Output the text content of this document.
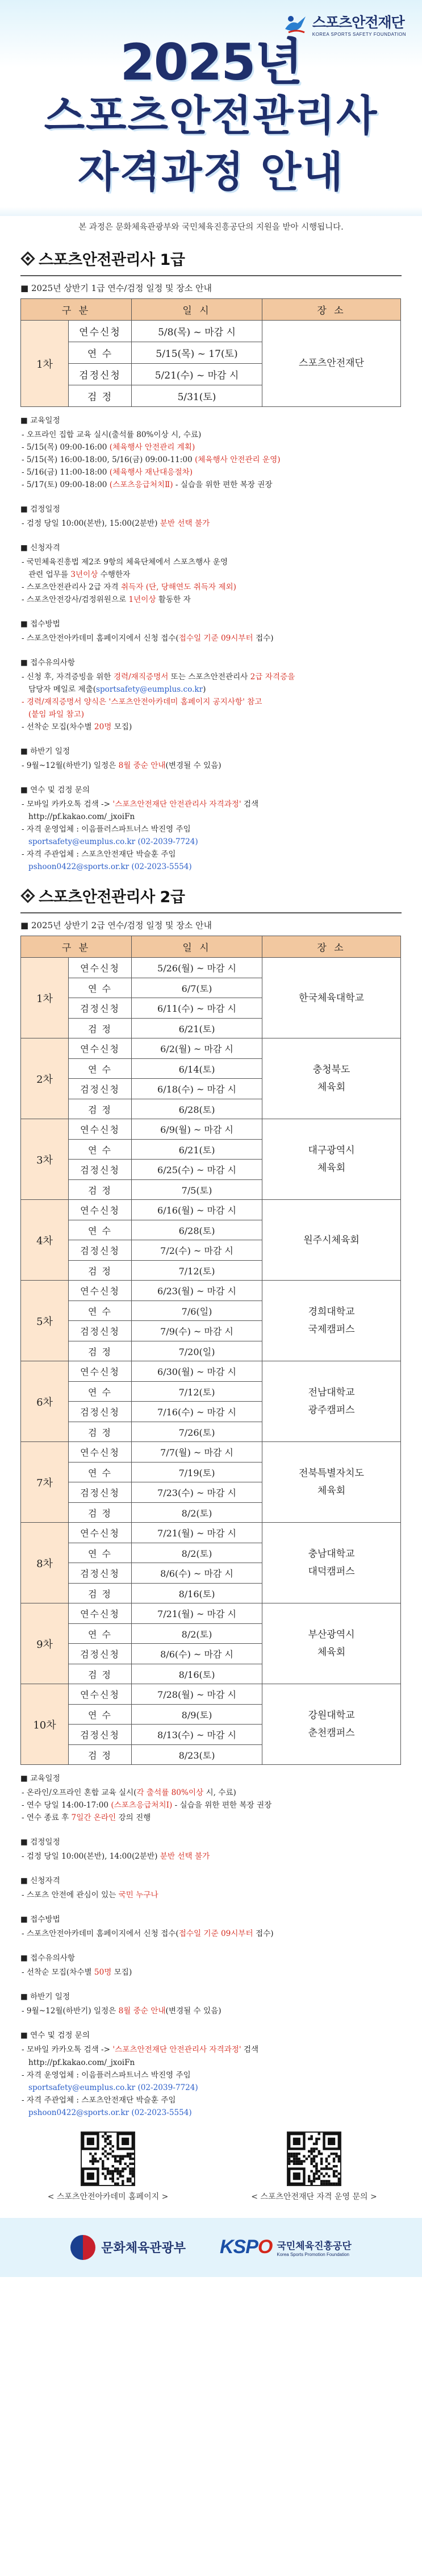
스포츠안전재단
KOREA SPORTS SAFETY FOUNDATION
2025년
스포츠안전관리사
자격과정 안내
본 과정은 문화체육관광부와 국민체육진흥공단의 지원을 받아 시행됩니다.
스포츠안전관리사 1급
■ 2025년 상반기 1급 연수/검정 일정 및 장소 안내
구 분		일 시	장 소
1차	연수신청	5/8(목) ~ 마감 시	스포츠안전재단

	연 수	5/15(목) ~ 17(토)	
	검정신청	5/21(수) ~ 마감 시	
	검 정	5/31(토)	
■ 교육일정
- 오프라인 집합 교육 실시(출석률 80%이상 시, 수료)
- 5/15(목) 09:00-16:00 (체육행사 안전관리 계획)
- 5/15(목) 16:00-18:00, 5/16(금) 09:00-11:00 (체육행사 안전관리 운영)
- 5/16(금) 11:00-18:00 (체육행사 재난대응절차)
- 5/17(토) 09:00-18:00 (스포츠응급처치Ⅱ) - 실습을 위한 편한 복장 권장
■ 검정일정
- 검정 당일 10:00(본반), 15:00(2분반) 분반 선택 불가
■ 신청자격
- 국민체육진흥법 제2조 9항의 체육단체에서 스포츠행사 운영
관련 업무를 3년이상 수행한자
- 스포츠안전관리사 2급 자격 취득자 (단, 당해연도 취득자 제외)
- 스포츠안전강사/검정위원으로 1년이상 활동한 자
■ 접수방법
- 스포츠안전아카데미 홈페이지에서 신청 접수(접수일 기준 09시부터 접수)
■ 접수유의사항
- 신청 후, 자격증빙을 위한 경력/재직증명서 또는 스포츠안전관리사 2급 자격증을
담당자 메일로 제출(sportsafety@eumplus.co.kr)
- 경력/재직증명서 양식은 '스포츠안전아카데미 홈페이지 공지사항' 참고
(붙임 파일 참고)
- 선착순 모집(차수별 20명 모집)
■ 하반기 일정
- 9월~12월(하반기) 일정은 8월 중순 안내(변경될 수 있음)
■ 연수 및 검정 문의
- 모바일 카카오톡 검색 -> '스포츠안전재단 안전관리사 자격과정' 검색
http://pf.kakao.com/_jxoiFn
- 자격 운영업체 : 이음플러스파트너스 박진영 주임
sportsafety@eumplus.co.kr (02-2039-7724)
- 자격 주관업체 : 스포츠안전재단 박슬훈 주임
pshoon0422@sports.or.kr (02-2023-5554)
스포츠안전관리사 2급
■ 2025년 상반기 2급 연수/검정 일정 및 장소 안내
구 분		일 시	장 소
1차	연수신청	5/26(월) ~ 마감 시	한국체육대학교

	연 수	6/7(토)	
	검정신청	6/11(수) ~ 마감 시	
	검 정	6/21(토)	
2차	연수신청	6/2(월) ~ 마감 시	충청북도
체육회

	연 수	6/14(토)	
	검정신청	6/18(수) ~ 마감 시	
	검 정	6/28(토)	
3차	연수신청	6/9(월) ~ 마감 시	대구광역시
체육회

	연 수	6/21(토)	
	검정신청	6/25(수) ~ 마감 시	
	검 정	7/5(토)	
4차	연수신청	6/16(월) ~ 마감 시	원주시체육회

	연 수	6/28(토)	
	검정신청	7/2(수) ~ 마감 시	
	검 정	7/12(토)	
5차	연수신청	6/23(월) ~ 마감 시	경희대학교
국제캠퍼스

	연 수	7/6(일)	
	검정신청	7/9(수) ~ 마감 시	
	검 정	7/20(일)	
6차	연수신청	6/30(월) ~ 마감 시	전남대학교
광주캠퍼스

	연 수	7/12(토)	
	검정신청	7/16(수) ~ 마감 시	
	검 정	7/26(토)	
7차	연수신청	7/7(월) ~ 마감 시	전북특별자치도
체육회

	연 수	7/19(토)	
	검정신청	7/23(수) ~ 마감 시	
	검 정	8/2(토)	
8차	연수신청	7/21(월) ~ 마감 시	충남대학교
대덕캠퍼스

	연 수	8/2(토)	
	검정신청	8/6(수) ~ 마감 시	
	검 정	8/16(토)	
9차	연수신청	7/21(월) ~ 마감 시	부산광역시
체육회

	연 수	8/2(토)	
	검정신청	8/6(수) ~ 마감 시	
	검 정	8/16(토)	
10차	연수신청	7/28(월) ~ 마감 시	강원대학교
춘천캠퍼스

	연 수	8/9(토)	
	검정신청	8/13(수) ~ 마감 시	
	검 정	8/23(토)	
■ 교육일정
- 온라인/오프라인 혼합 교육 실시(각 출석률 80%이상 시, 수료)
- 연수 당일 14:00-17:00 (스포츠응급처치Ⅰ) - 실습을 위한 편한 복장 권장
- 연수 종료 후 7일간 온라인 강의 진행
■ 검정일정
- 검정 당일 10:00(본반), 14:00(2분반) 분반 선택 불가
■ 신청자격
- 스포츠 안전에 관심이 있는 국민 누구나
■ 접수방법
- 스포츠안전아카데미 홈페이지에서 신청 접수(접수일 기준 09시부터 접수)
■ 접수유의사항
- 선착순 모집(차수별 50명 모집)
■ 하반기 일정
- 9월~12월(하반기) 일정은 8월 중순 안내(변경될 수 있음)
■ 연수 및 검정 문의
- 모바일 카카오톡 검색 -> '스포츠안전재단 안전관리사 자격과정' 검색
http://pf.kakao.com/_jxoiFn
- 자격 운영업체 : 이음플러스파트너스 박진영 주임
sportsafety@eumplus.co.kr (02-2039-7724)
- 자격 주관업체 : 스포츠안전재단 박슬훈 주임
pshoon0422@sports.or.kr (02-2023-5554)
< 스포츠안전아카데미 홈페이지 >	< 스포츠안전재단 자격 운영 문의 >
문화체육관광부 KSPO 국민체육진흥공단
Korea Sports Promotion Foundation
